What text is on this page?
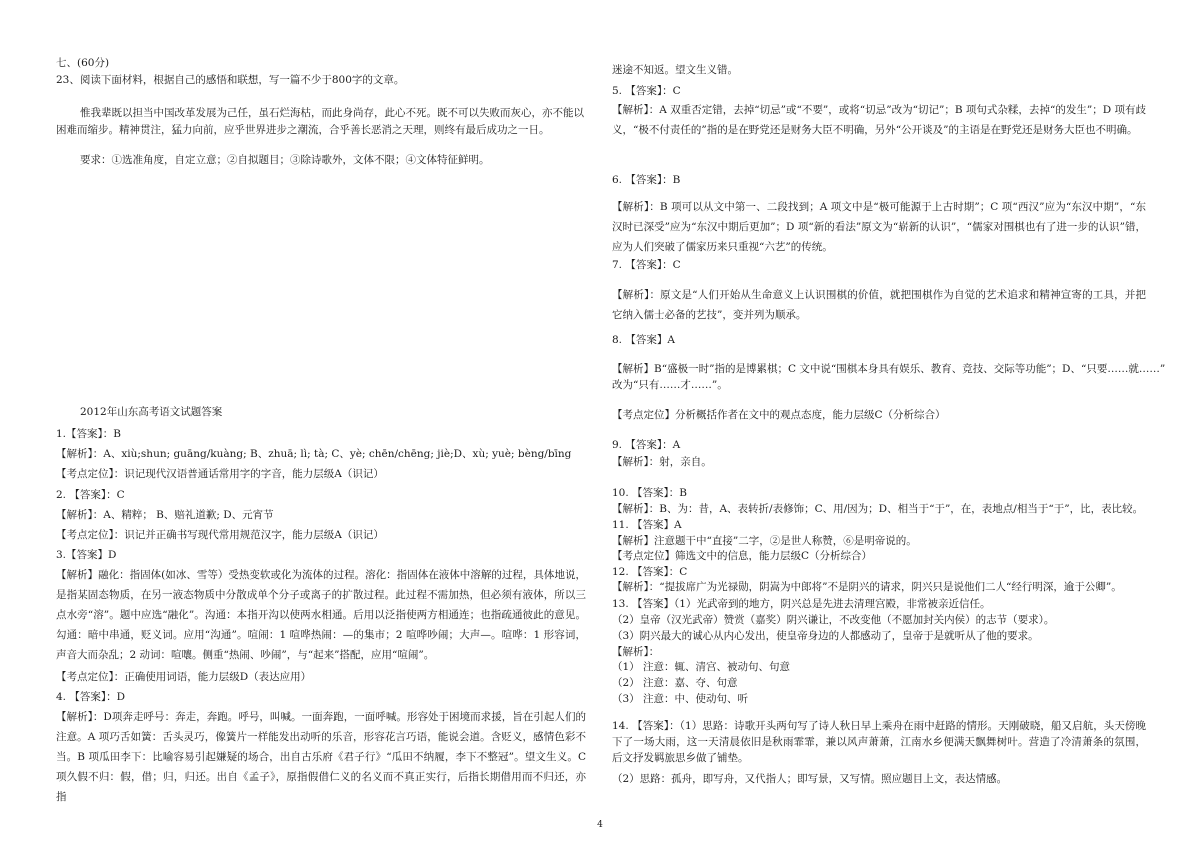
七、(60分)
23、阅读下面材料，根据自己的感悟和联想，写一篇不少于800字的文章。
惟我辈既以担当中国改革发展为己任，虽石烂海枯，而此身尚存，此心不死。既不可以失败而灰心，亦不能以
困难而缩步。精神贯注，猛力向前，应乎世界进步之潮流，合乎善长恶消之天理，则终有最后成功之一日。
要求：①选准角度，自定立意；②自拟题目；③除诗歌外，文体不限；④文体特征鲜明。
2012年山东高考语文试题答案
1.【答案】：B
【解析】：A、xiù;shun; guāng/kuàng; B、zhuā; lì; tà; C、yè; chēn/chēng; jiè;D、xù; yuè; bèng/bīng
【考点定位】：识记现代汉语普通话常用字的字音，能力层级A（识记）
2. 【答案】：C
【解析】：A、精粹； B、赔礼道歉; D、元宵节
【考点定位】：识记并正确书写现代常用规范汉字，能力层级A（识记）
3.【答案】D
【解析】融化：指固体(如冰、雪等）受热变软或化为流体的过程。溶化：指固体在液体中溶解的过程，具体地说，是指某固态物质，在另一液态物质中分散成单个分子或离子的扩散过程。此过程不需加热，但必须有液体，所以三点水旁“溶”。题中应选“融化”。沟通：本指开沟以使两水相通。后用以泛指使两方相通连；也指疏通彼此的意见。勾通：暗中串通，贬义词。应用“沟通”。喧闹：1 喧哗热闹：—的集市；2 喧哗吵闹；大声—。喧哗：1 形容词，声音大而杂乱；2 动词：喧嚷。侧重“热闹、吵闹”，与“起来”搭配，应用“喧闹”。
【考点定位】：正确使用词语，能力层级D（表达应用）
4. 【答案】：D
【解析】：D项奔走呼号：奔走，奔跑。呼号，叫喊。一面奔跑，一面呼喊。形容处于困境而求援，旨在引起人们的注意。A 项巧舌如簧：舌头灵巧，像簧片一样能发出动听的乐音，形容花言巧语，能说会道。含贬义，感情色彩不当。B 项瓜田李下：比喻容易引起嫌疑的场合，出自古乐府《君子行》“瓜田不纳履，李下不整冠”。望文生义。C 项久假不归：假，借；归，归还。出自《孟子》，原指假借仁义的名义而不真正实行，后指长期借用而不归还，亦指
迷途不知返。望文生义错。
5. 【答案】：C
【解析】：A 双重否定错，去掉“切忌”或“不要”，或将“切忌”改为“切记”；B 项句式杂糅，去掉“的发生”；D 项有歧义，“极不付责任的”指的是在野党还是财务大臣不明确，另外“公开谈及”的主语是在野党还是财务大臣也不明确。
6. 【答案】：B
【解析】：B 项可以从文中第一、二段找到；A 项文中是“极可能源于上古时期”；C 项“西汉”应为“东汉中期”，“东汉时已深受”应为“东汉中期后更加”；D 项“新的看法”原文为“崭新的认识”，“儒家对围棋也有了进一步的认识”错，应为人们突破了儒家历来只重视“六艺”的传统。
7. 【答案】：C
【解析】：原文是“人们开始从生命意义上认识围棋的价值，就把围棋作为自觉的艺术追求和精神宣寄的工具，并把它纳入儒士必备的艺技”，变并列为顺承。
8. 【答案】A
【解析】B“盛极一时”指的是博累棋；C 文中说“围棋本身具有娱乐、教育、竞技、交际等功能”；D、“只要……就……”
改为“只有……才……”。
【考点定位】分析概括作者在文中的观点态度，能力层级C（分析综合）
9. 【答案】：A
【解析】：射，亲自。
10. 【答案】：B
【解析】：B、为：昔，A、表转折/表修饰；C、用/因为；D、相当于“于”，在，表地点/相当于“于”，比，表比较。
11. 【答案】A
【解析】注意题干中“直接”二字，②是世人称赞，⑥是明帝说的。
【考点定位】筛选文中的信息，能力层级C（分析综合）
12. 【答案】：C
【解析】：“提拔席广为光禄勋，阴嵩为中郎将”不是阴兴的请求，阴兴只是说他们二人“经行明深，逾于公卿”。
13. 【答案】（1）光武帝到的地方，阴兴总是先进去清理宫殿，非常被亲近信任。
（2）皇帝（汉光武帝）赞赏（嘉奖）阴兴谦让，不改变他（不愿加封关内侯）的志节（要求）。
（3）阴兴最大的诚心从内心发出，使皇帝身边的人都感动了，皇帝于是就听从了他的要求。
【解析】：
（1） 注意：辄、清宫、被动句、句意
（2） 注意：嘉、夺、句意
（3） 注意：中、使动句、听
14. 【答案】：（1）思路：诗歌开头两句写了诗人秋日早上乘舟在雨中赶路的情形。天刚破晓，船又启航，头天傍晚下了一场大雨，这一天清晨依旧是秋雨霏霏，兼以风声萧萧，江南水乡便满天飘舞树叶。营造了冷清萧条的氛围，后文抒发羁旅思乡做了铺垫。
（2）思路：孤舟，即写舟，又代指人；即写景，又写情。照应题目上文，表达情感。
4
